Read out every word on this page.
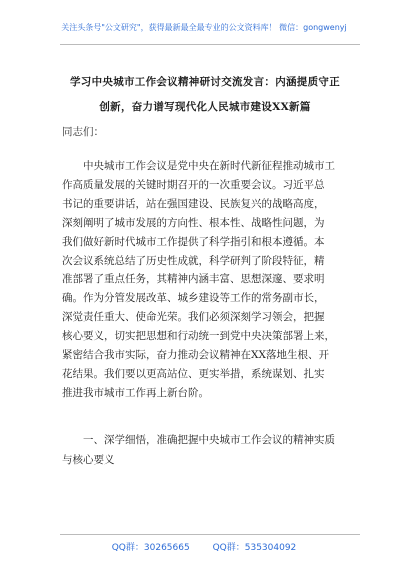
关注头条号"公文研究"，获得最新最全最专业的公文资料库！ 微信：gongwenyj
学习中央城市工作会议精神研讨交流发言：内涵提质守正
创新，奋力谱写现代化人民城市建设XX新篇
同志们：
　　中央城市工作会议是党中央在新时代新征程推动城市工
作高质量发展的关键时期召开的一次重要会议。习近平总
书记的重要讲话，站在强国建设、民族复兴的战略高度，
深刻阐明了城市发展的方向性、根本性、战略性问题，为
我们做好新时代城市工作提供了科学指引和根本遵循。本
次会议系统总结了历史性成就，科学研判了阶段特征，精
准部署了重点任务，其精神内涵丰富、思想深邃、要求明
确。作为分管发展改革、城乡建设等工作的常务副市长，
深觉责任重大、使命光荣。我们必须深刻学习领会，把握
核心要义，切实把思想和行动统一到党中央决策部署上来，
紧密结合我市实际，奋力推动会议精神在XX落地生根、开
花结果。我们要以更高站位、更实举措，系统谋划、扎实
推进我市城市工作再上新台阶。
　　一、深学细悟，准确把握中央城市工作会议的精神实质
与核心要义
QQ群：30265665	QQ群：535304092
